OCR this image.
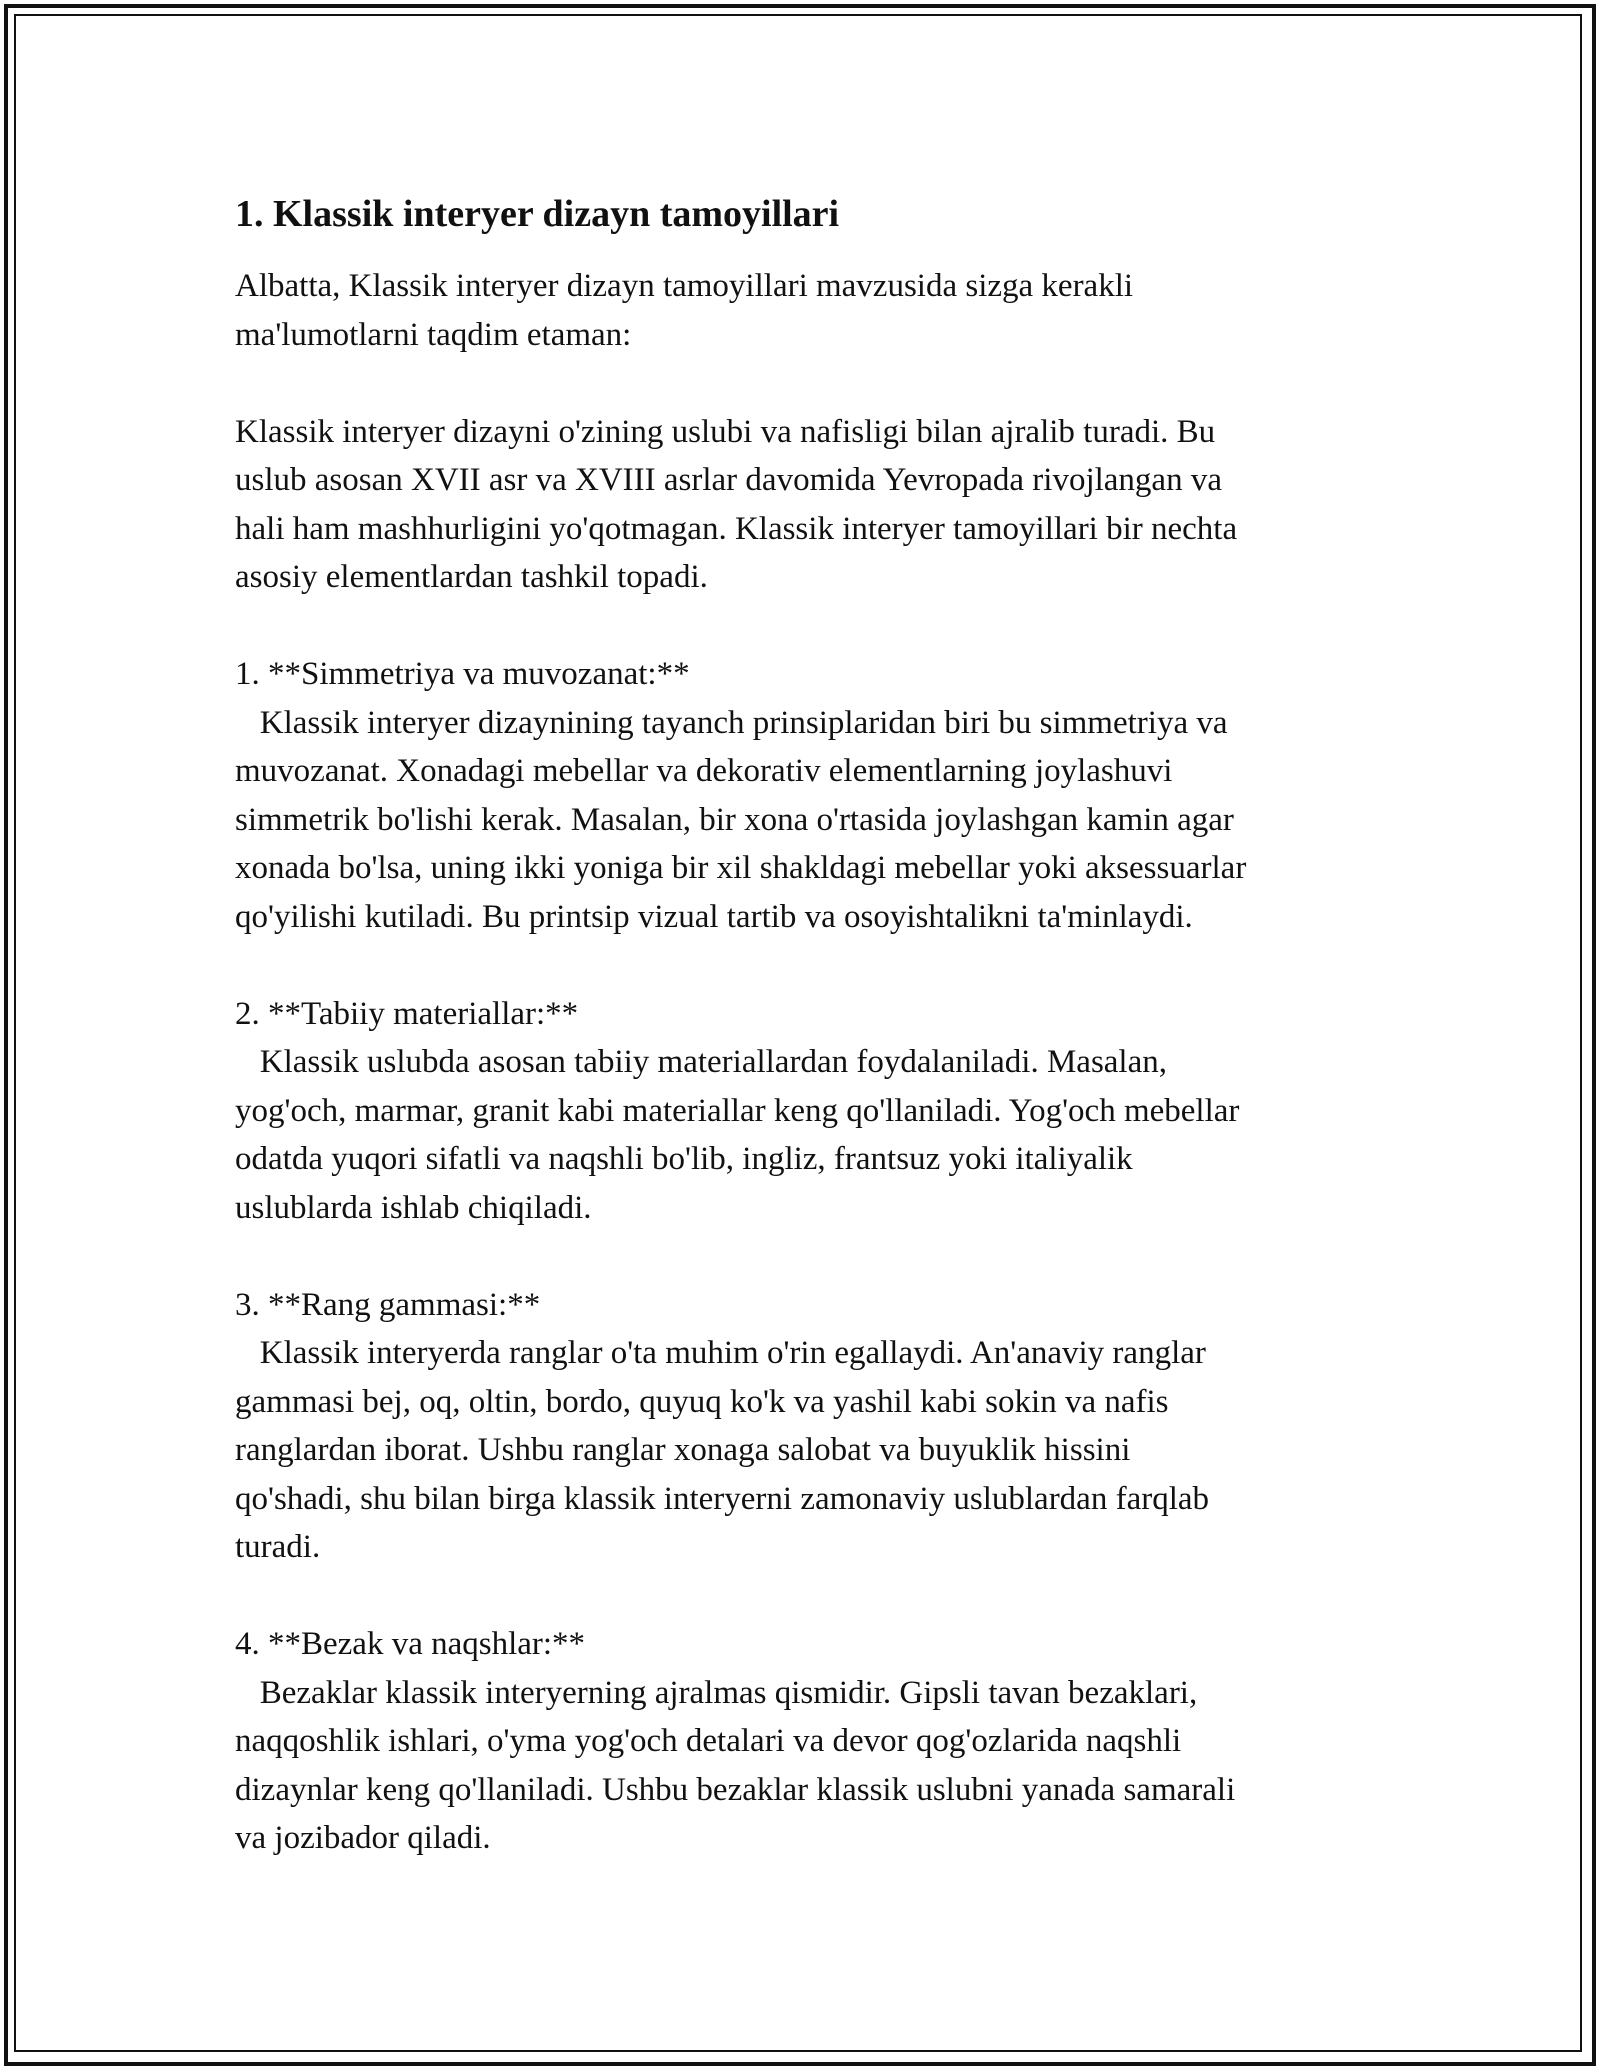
1. Klassik interyer dizayn tamoyillari

Albatta, Klassik interyer dizayn tamoyillari mavzusida sizga kerakli
ma'lumotlarni taqdim etaman:

Klassik interyer dizayni o'zining uslubi va nafisligi bilan ajralib turadi. Bu
uslub asosan XVII asr va XVIII asrlar davomida Yevropada rivojlangan va
hali ham mashhurligini yo'qotmagan. Klassik interyer tamoyillari bir nechta
asosiy elementlardan tashkil topadi.

1. **Simmetriya va muvozanat:**
Klassik interyer dizaynining tayanch prinsiplaridan biri bu simmetriya va
muvozanat. Xonadagi mebellar va dekorativ elementlarning joylashuvi
simmetrik bo'lishi kerak. Masalan, bir xona o'rtasida joylashgan kamin agar
xonada bo'lsa, uning ikki yoniga bir xil shakldagi mebellar yoki aksessuarlar
qo'yilishi kutiladi. Bu printsip vizual tartib va osoyishtalikni ta'minlaydi.

2. **Tabiiy materiallar:**
Klassik uslubda asosan tabiiy materiallardan foydalaniladi. Masalan,
yog'och, marmar, granit kabi materiallar keng qo'llaniladi. Yog'och mebellar
odatda yuqori sifatli va naqshli bo'lib, ingliz, frantsuz yoki italiyalik
uslublarda ishlab chiqiladi.

3. **Rang gammasi:**
Klassik interyerda ranglar o'ta muhim o'rin egallaydi. An'anaviy ranglar
gammasi bej, oq, oltin, bordo, quyuq ko'k va yashil kabi sokin va nafis
ranglardan iborat. Ushbu ranglar xonaga salobat va buyuklik hissini
qo'shadi, shu bilan birga klassik interyerni zamonaviy uslublardan farqlab
turadi.

4. **Bezak va naqshlar:**
Bezaklar klassik interyerning ajralmas qismidir. Gipsli tavan bezaklari,
naqqoshlik ishlari, o'yma yog'och detalari va devor qog'ozlarida naqshli
dizaynlar keng qo'llaniladi. Ushbu bezaklar klassik uslubni yanada samarali
va jozibador qiladi.
